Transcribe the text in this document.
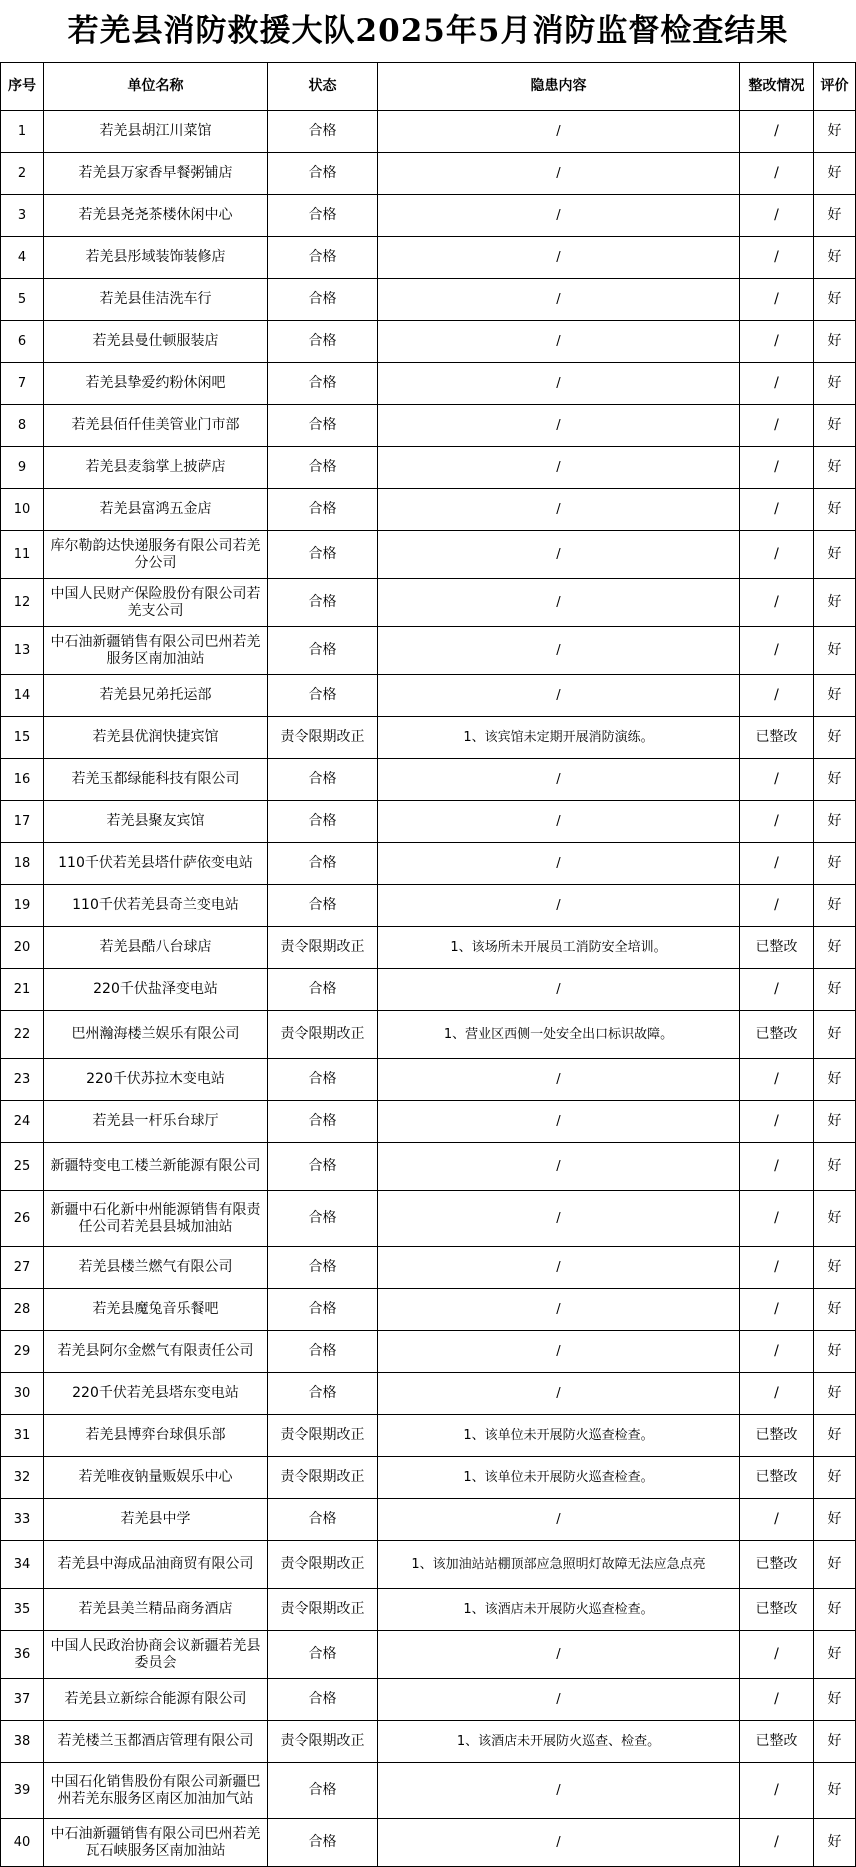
若羌县消防救援大队2025年5月消防监督检查结果
序号	单位名称	状态	隐患内容	整改情况	评价
1	若羌县胡江川菜馆	合格	/	/	好
2	若羌县万家香早餐粥铺店	合格	/	/	好
3	若羌县尧尧茶楼休闲中心	合格	/	/	好
4	若羌县彤域装饰装修店	合格	/	/	好
5	若羌县佳洁洗车行	合格	/	/	好
6	若羌县曼仕顿服装店	合格	/	/	好
7	若羌县挚爱约粉休闲吧	合格	/	/	好
8	若羌县佰仟佳美管业门市部	合格	/	/	好
9	若羌县麦翁掌上披萨店	合格	/	/	好
10	若羌县富鸿五金店	合格	/	/	好
11	库尔勒韵达快递服务有限公司若羌分公司	合格	/	/	好
12	中国人民财产保险股份有限公司若羌支公司	合格	/	/	好
13	中石油新疆销售有限公司巴州若羌服务区南加油站	合格	/	/	好
14	若羌县兄弟托运部	合格	/	/	好
15	若羌县优润快捷宾馆	责令限期改正	1、该宾馆未定期开展消防演练。	已整改	好
16	若羌玉都绿能科技有限公司	合格	/	/	好
17	若羌县聚友宾馆	合格	/	/	好
18	110千伏若羌县塔什萨依变电站	合格	/	/	好
19	110千伏若羌县奇兰变电站	合格	/	/	好
20	若羌县酷八台球店	责令限期改正	1、该场所未开展员工消防安全培训。	已整改	好
21	220千伏盐泽变电站	合格	/	/	好
22	巴州瀚海楼兰娱乐有限公司	责令限期改正	1、营业区西侧一处安全出口标识故障。	已整改	好
23	220千伏苏拉木变电站	合格	/	/	好
24	若羌县一杆乐台球厅	合格	/	/	好
25	新疆特变电工楼兰新能源有限公司	合格	/	/	好
26	新疆中石化新中州能源销售有限责任公司若羌县县城加油站	合格	/	/	好
27	若羌县楼兰燃气有限公司	合格	/	/	好
28	若羌县魔兔音乐餐吧	合格	/	/	好
29	若羌县阿尔金燃气有限责任公司	合格	/	/	好
30	220千伏若羌县塔东变电站	合格	/	/	好
31	若羌县博弈台球俱乐部	责令限期改正	1、该单位未开展防火巡查检查。	已整改	好
32	若羌唯夜钠量贩娱乐中心	责令限期改正	1、该单位未开展防火巡查检查。	已整改	好
33	若羌县中学	合格	/	/	好
34	若羌县中海成品油商贸有限公司	责令限期改正	1、该加油站站棚顶部应急照明灯故障无法应急点亮	已整改	好
35	若羌县美兰精品商务酒店	责令限期改正	1、该酒店未开展防火巡查检查。	已整改	好
36	中国人民政治协商会议新疆若羌县委员会	合格	/	/	好
37	若羌县立新综合能源有限公司	合格	/	/	好
38	若羌楼兰玉都酒店管理有限公司	责令限期改正	1、该酒店未开展防火巡查、检查。	已整改	好
39	中国石化销售股份有限公司新疆巴州若羌东服务区南区加油加气站	合格	/	/	好
40	中石油新疆销售有限公司巴州若羌瓦石峡服务区南加油站	合格	/	/	好
